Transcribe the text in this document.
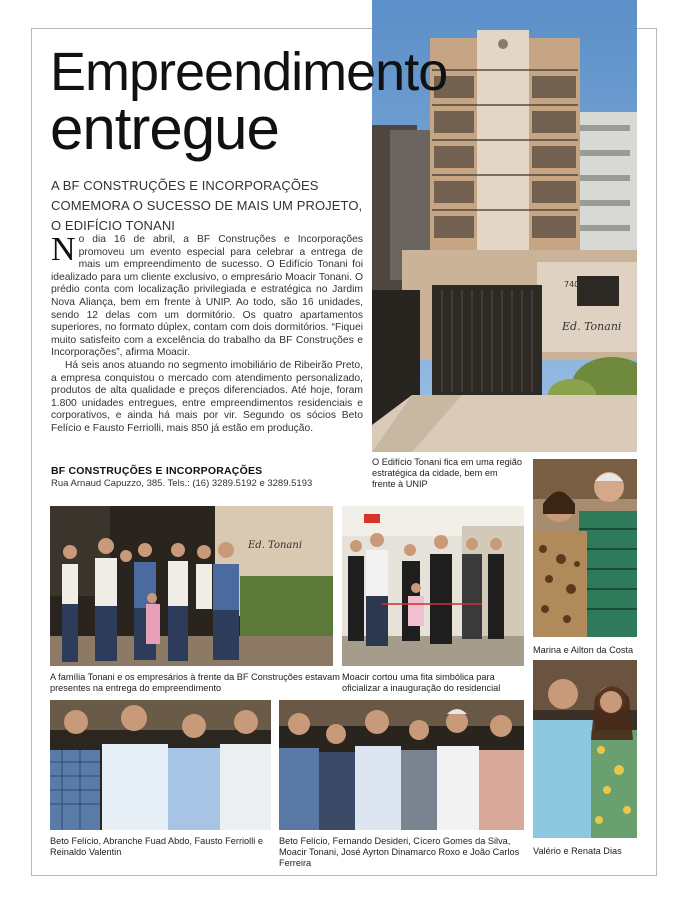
740
Ed. Tonani
Empreendimento
entregue
A BF CONSTRUÇÕES E INCORPORAÇÕES COMEMORA O SUCESSO DE MAIS UM PROJETO, O EDIFÍCIO TONANI

No dia 16 de abril, a BF Construções e Incorporações promoveu um evento especial para celebrar a entrega de mais um empreendimento de sucesso. O Edifício Tonani foi idealizado para um cliente exclusivo, o empresário Moacir Tonani. O prédio conta com localização privilegiada e estratégica no Jardim Nova Aliança, bem em frente à UNIP. Ao todo, são 16 unidades, sendo 12 delas com um dormitório. Os quatro apartamentos superiores, no formato dúplex, contam com dois dormitórios. “Fiquei muito satisfeito com a excelência do trabalho da BF Construções e Incorporações”, afirma Moacir.

Há seis anos atuando no segmento imobiliário de Ribeirão Preto, a empresa conquistou o mercado com atendimento personalizado, produtos de alta qualidade e preços diferenciados. Até hoje, foram 1.800 unidades entregues, entre empreendimentos residenciais e corporativos, e ainda há mais por vir. Segundo os sócios Beto Felício e Fausto Ferriolli, mais 850 já estão em produção.

BF CONSTRUÇÕES E INCORPORAÇÕES
Rua Arnaud Capuzzo, 385. Tels.: (16) 3289.5192 e 3289.5193
O Edifício Tonani fica em uma região estratégica da cidade, bem em frente à UNIP
Ed. Tonani
A família Tonani e os empresários à frente da BF Construções estavam presentes na entrega do empreendimento
Moacir cortou uma fita simbólica para oficializar a inauguração do residencial
Marina e Ailton da Costa
Beto Felício, Abranche Fuad Abdo, Fausto Ferriolli e Reinaldo Valentin
Beto Felício, Fernando Desideri, Cícero Gomes da Silva, Moacir Tonani, José Ayrton Dinamarco Roxo e João Carlos Ferreira
Valério e Renata Dias
